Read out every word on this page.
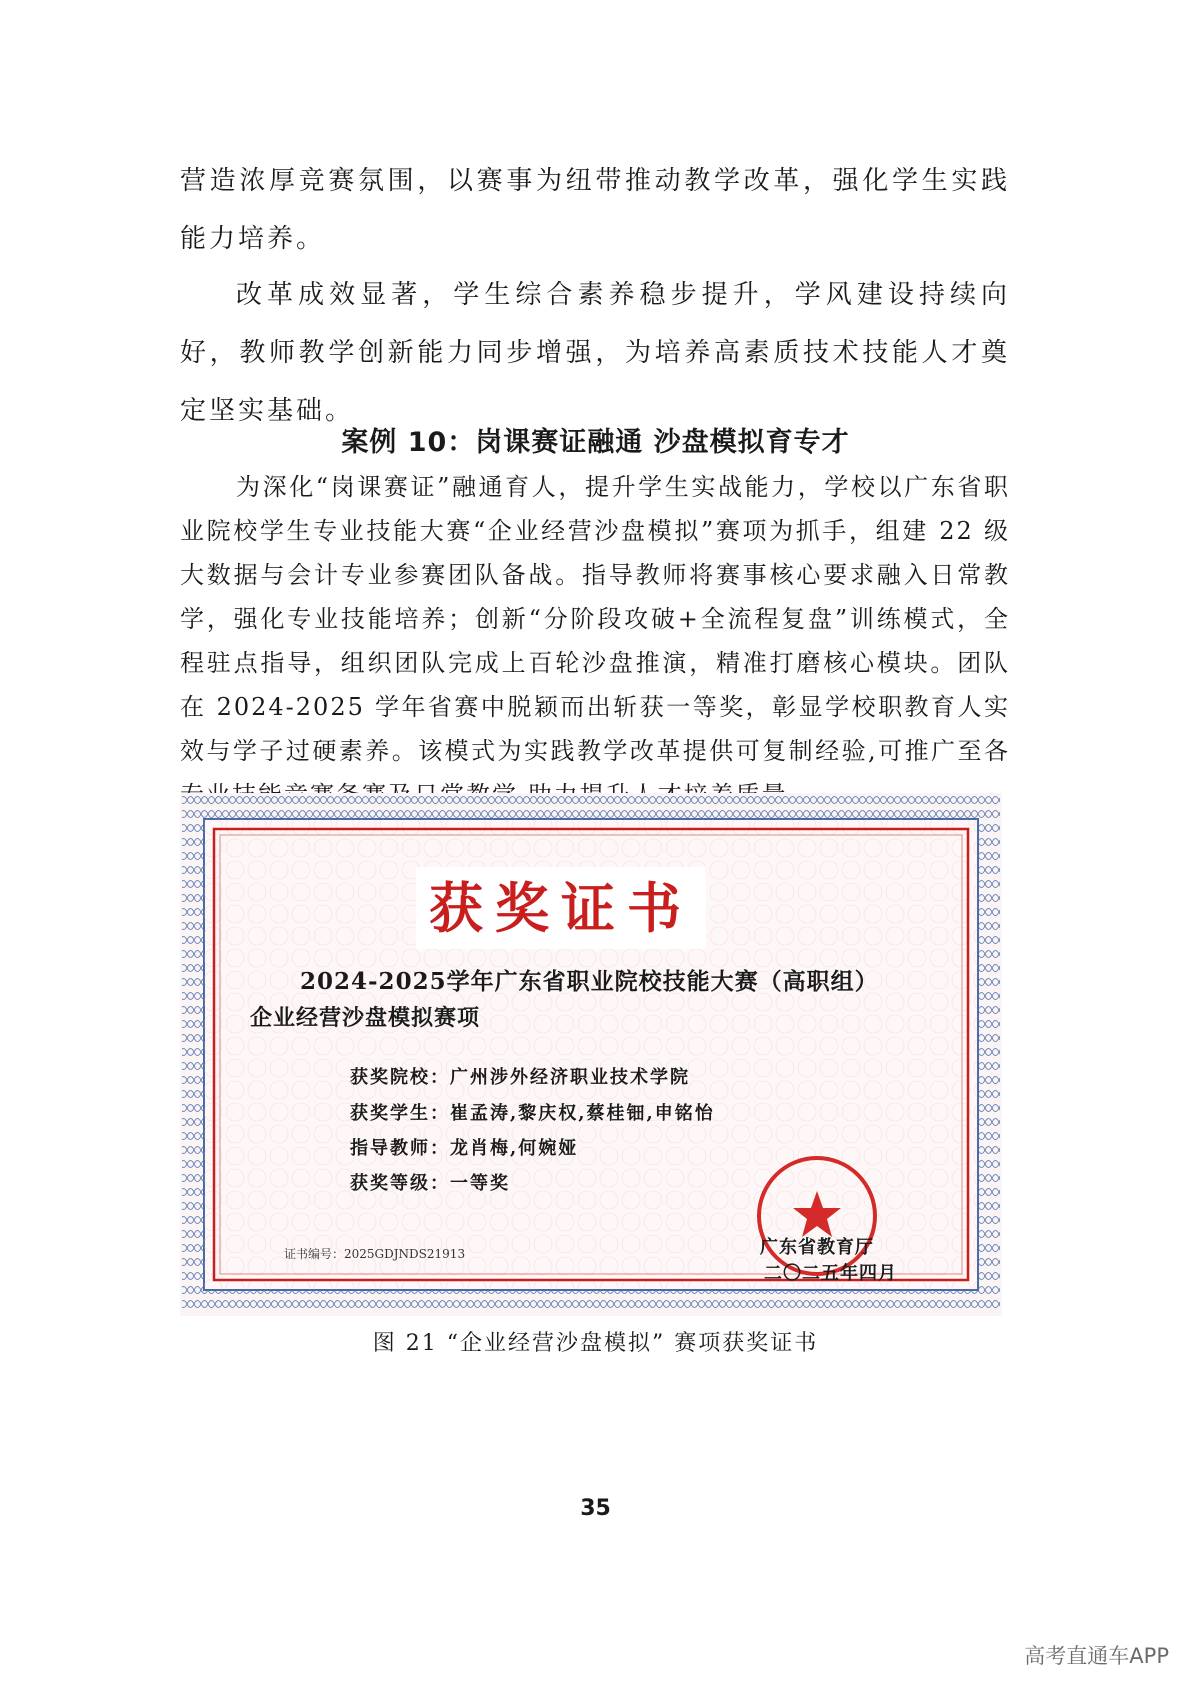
营造浓厚竞赛氛围，以赛事为纽带推动教学改革，强化学生实践能力培养。

改革成效显著，学生综合素养稳步提升，学风建设持续向好，教师教学创新能力同步增强，为培养高素质技术技能人才奠定坚实基础。

案例 10：岗课赛证融通 沙盘模拟育专才

为深化“岗课赛证”融通育人，提升学生实战能力，学校以广东省职业院校学生专业技能大赛“企业经营沙盘模拟”赛项为抓手，组建 22 级大数据与会计专业参赛团队备战。指导教师将赛事核心要求融入日常教学，强化专业技能培养；创新“分阶段攻破+全流程复盘”训练模式，全程驻点指导，组织团队完成上百轮沙盘推演，精准打磨核心模块。团队在 2024-2025 学年省赛中脱颖而出斩获一等奖，彰显学校职教育人实效与学子过硬素养。该模式为实践教学改革提供可复制经验,可推广至各

获奖证书
2024-2025学年广东省职业院校技能大赛（高职组）
企业经营沙盘模拟赛项
获奖院校：广州涉外经济职业技术学院
获奖学生：崔孟涛,黎庆权,蔡桂钿,申铭怡
指导教师：龙肖梅,何婉娅
获奖等级：一等奖
证书编号：2025GDJNDS21913	广东省教育厅
二〇二五年四月
图 21 “企业经营沙盘模拟” 赛项获奖证书
35
高考直通车APP
